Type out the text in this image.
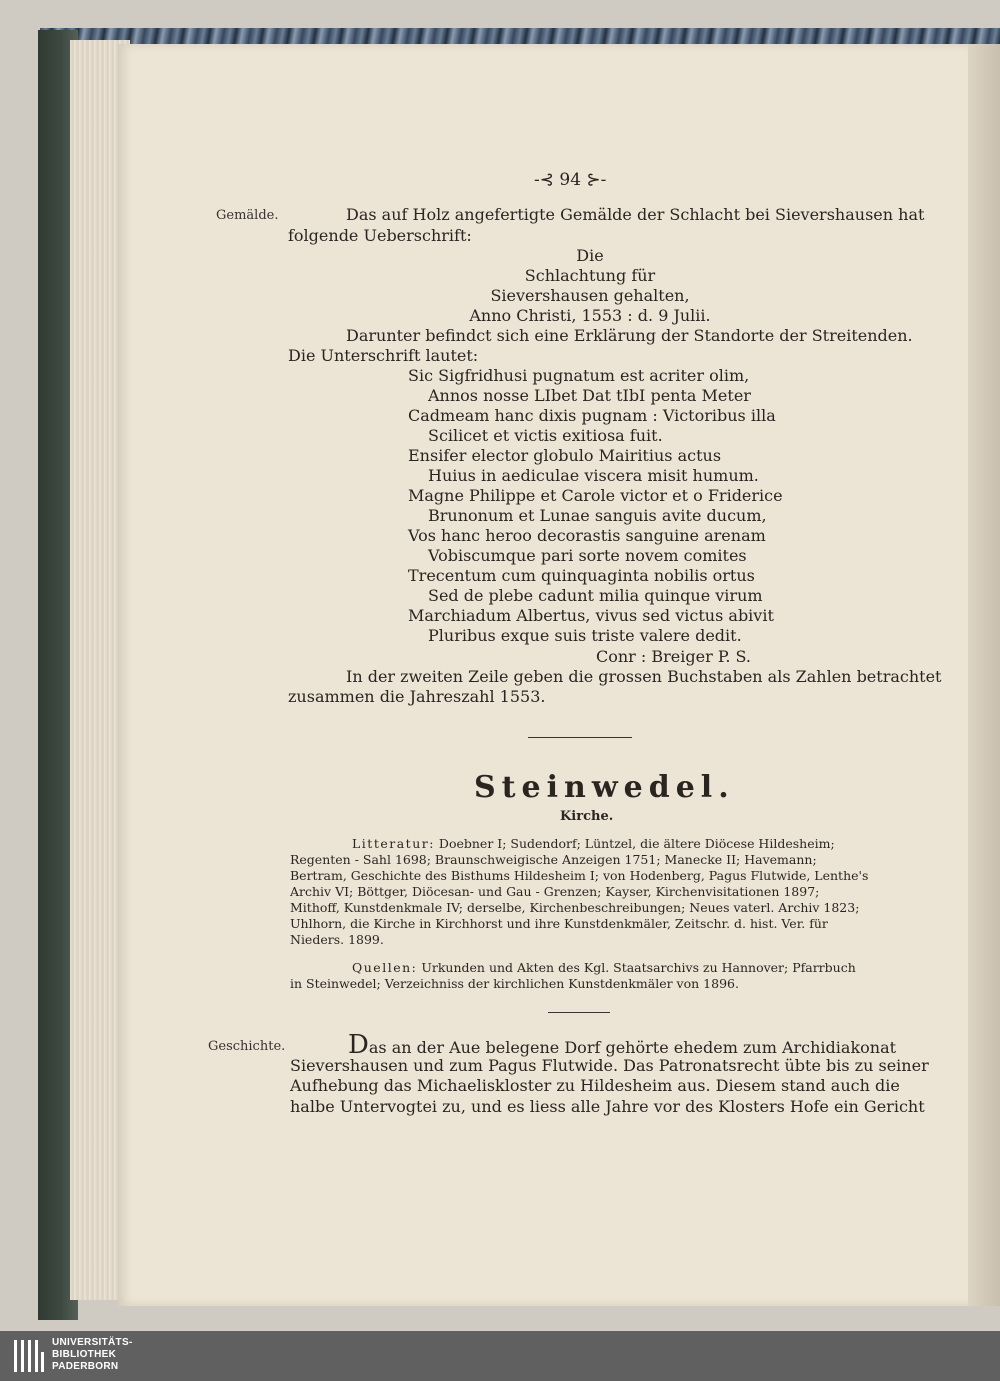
-⊰ 94 ⊱-
Gemälde.
Geschichte.
Das auf Holz angefertigte Gemälde der Schlacht bei Sievershausen hat
folgende Ueberschrift:
Die
Schlachtung für
Sievershausen gehalten,
Anno Christi, 1553 : d. 9 Julii.
Darunter befindct sich eine Erklärung der Standorte der Streitenden.
Die Unterschrift lautet:
Sic Sigfridhusi pugnatum est acriter olim,
Annos nosse LIbet Dat tIbI penta Meter
Cadmeam hanc dixis pugnam : Victoribus illa
Scilicet et victis exitiosa fuit.
Ensifer elector globulo Mairitius actus
Huius in aediculae viscera misit humum.
Magne Philippe et Carole victor et o Friderice
Brunonum et Lunae sanguis avite ducum,
Vos hanc heroo decorastis sanguine arenam
Vobiscumque pari sorte novem comites
Trecentum cum quinquaginta nobilis ortus
Sed de plebe cadunt milia quinque virum
Marchiadum Albertus, vivus sed victus abivit
Pluribus exque suis triste valere dedit.
Conr : Breiger P. S.
In der zweiten Zeile geben die grossen Buchstaben als Zahlen betrachtet
zusammen die Jahreszahl 1553.
Steinwedel.
Kirche.
Litteratur: Doebner I; Sudendorf; Lüntzel, die ältere Diöcese Hildesheim;
Regenten - Sahl 1698; Braunschweigische Anzeigen 1751; Manecke II; Havemann;
Bertram, Geschichte des Bisthums Hildesheim I; von Hodenberg, Pagus Flutwide, Lenthe's
Archiv VI; Böttger, Diöcesan- und Gau - Grenzen; Kayser, Kirchenvisitationen 1897;
Mithoff, Kunstdenkmale IV; derselbe, Kirchenbeschreibungen; Neues vaterl. Archiv 1823;
Uhlhorn, die Kirche in Kirchhorst und ihre Kunstdenkmäler, Zeitschr. d. hist. Ver. für
Nieders. 1899.
Quellen: Urkunden und Akten des Kgl. Staatsarchivs zu Hannover; Pfarrbuch
in Steinwedel; Verzeichniss der kirchlichen Kunstdenkmäler von 1896.
Das an der Aue belegene Dorf gehörte ehedem zum Archidiakonat
Sievershausen und zum Pagus Flutwide. Das Patronatsrecht übte bis zu seiner
Aufhebung das Michaeliskloster zu Hildesheim aus. Diesem stand auch die
halbe Untervogtei zu, und es liess alle Jahre vor des Klosters Hofe ein Gericht
UNIVERSITÄTS-
BIBLIOTHEK
PADERBORN
